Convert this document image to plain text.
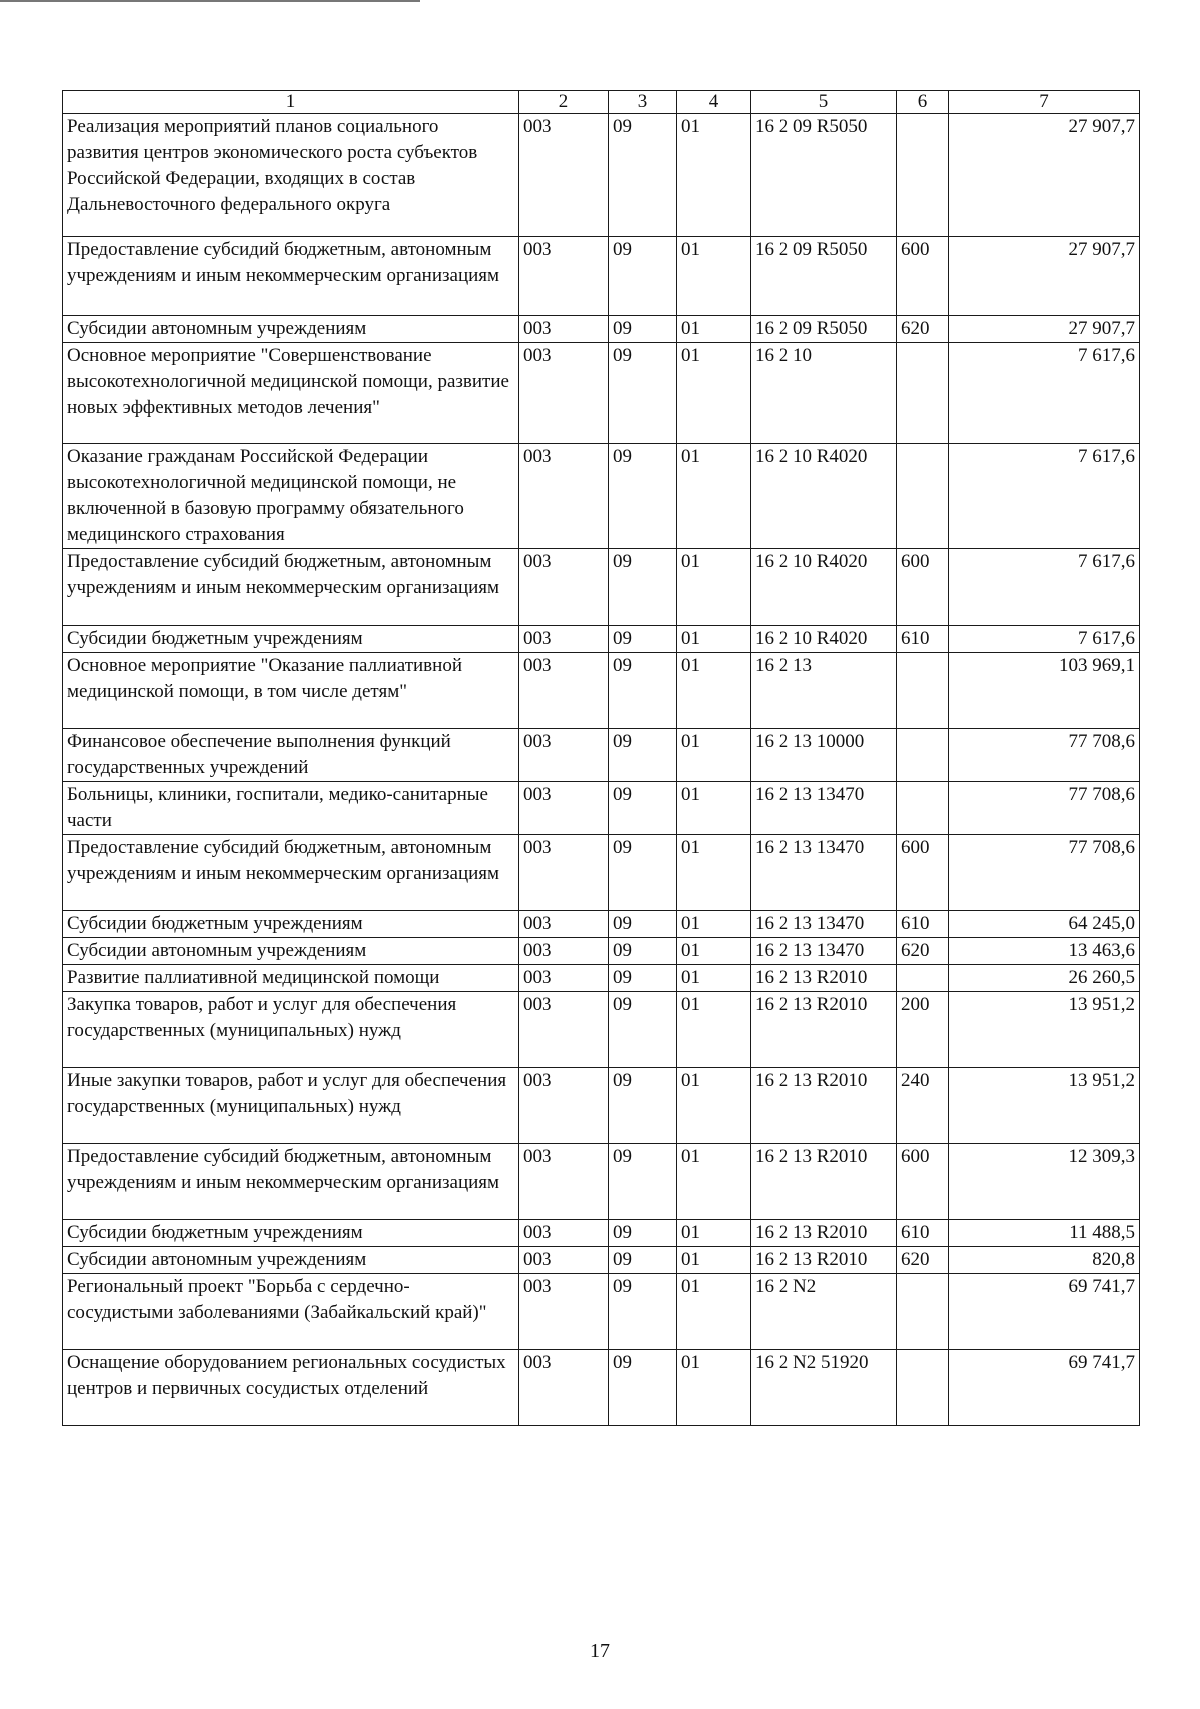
1	2	3	4	5	6	7
Реализация мероприятий планов социального развития центров экономического роста субъектов Российской Федерации, входящих в состав Дальневосточного федерального округа	003	09	01	16 2 09 R5050		27 907,7
Предоставление субсидий бюджетным, автономным учреждениям и иным некоммерческим организациям	003	09	01	16 2 09 R5050	600	27 907,7
Субсидии автономным учреждениям	003	09	01	16 2 09 R5050	620	27 907,7
Основное мероприятие "Совершенствование высокотехнологичной медицинской помощи, развитие новых эффективных методов лечения"	003	09	01	16 2 10		7 617,6
Оказание гражданам Российской Федерации высокотехнологичной медицинской помощи, не включенной в базовую программу обязательного медицинского страхования	003	09	01	16 2 10 R4020		7 617,6
Предоставление субсидий бюджетным, автономным учреждениям и иным некоммерческим организациям	003	09	01	16 2 10 R4020	600	7 617,6
Субсидии бюджетным учреждениям	003	09	01	16 2 10 R4020	610	7 617,6
Основное мероприятие "Оказание паллиативной медицинской помощи, в том числе детям"	003	09	01	16 2 13		103 969,1
Финансовое обеспечение выполнения функций государственных учреждений	003	09	01	16 2 13 10000		77 708,6
Больницы, клиники, госпитали, медико-санитарные части	003	09	01	16 2 13 13470		77 708,6
Предоставление субсидий бюджетным, автономным учреждениям и иным некоммерческим организациям	003	09	01	16 2 13 13470	600	77 708,6
Субсидии бюджетным учреждениям	003	09	01	16 2 13 13470	610	64 245,0
Субсидии автономным учреждениям	003	09	01	16 2 13 13470	620	13 463,6
Развитие паллиативной медицинской помощи	003	09	01	16 2 13 R2010		26 260,5
Закупка товаров, работ и услуг для обеспечения государственных (муниципальных) нужд	003	09	01	16 2 13 R2010	200	13 951,2
Иные закупки товаров, работ и услуг для обеспечения государственных (муниципальных) нужд	003	09	01	16 2 13 R2010	240	13 951,2
Предоставление субсидий бюджетным, автономным учреждениям и иным некоммерческим организациям	003	09	01	16 2 13 R2010	600	12 309,3
Субсидии бюджетным учреждениям	003	09	01	16 2 13 R2010	610	11 488,5
Субсидии автономным учреждениям	003	09	01	16 2 13 R2010	620	820,8
Региональный проект "Борьба с сердечно-сосудистыми заболеваниями (Забайкальский край)"	003	09	01	16 2 N2		69 741,7
Оснащение оборудованием региональных сосудистых центров и первичных сосудистых отделений	003	09	01	16 2 N2 51920		69 741,7
17
